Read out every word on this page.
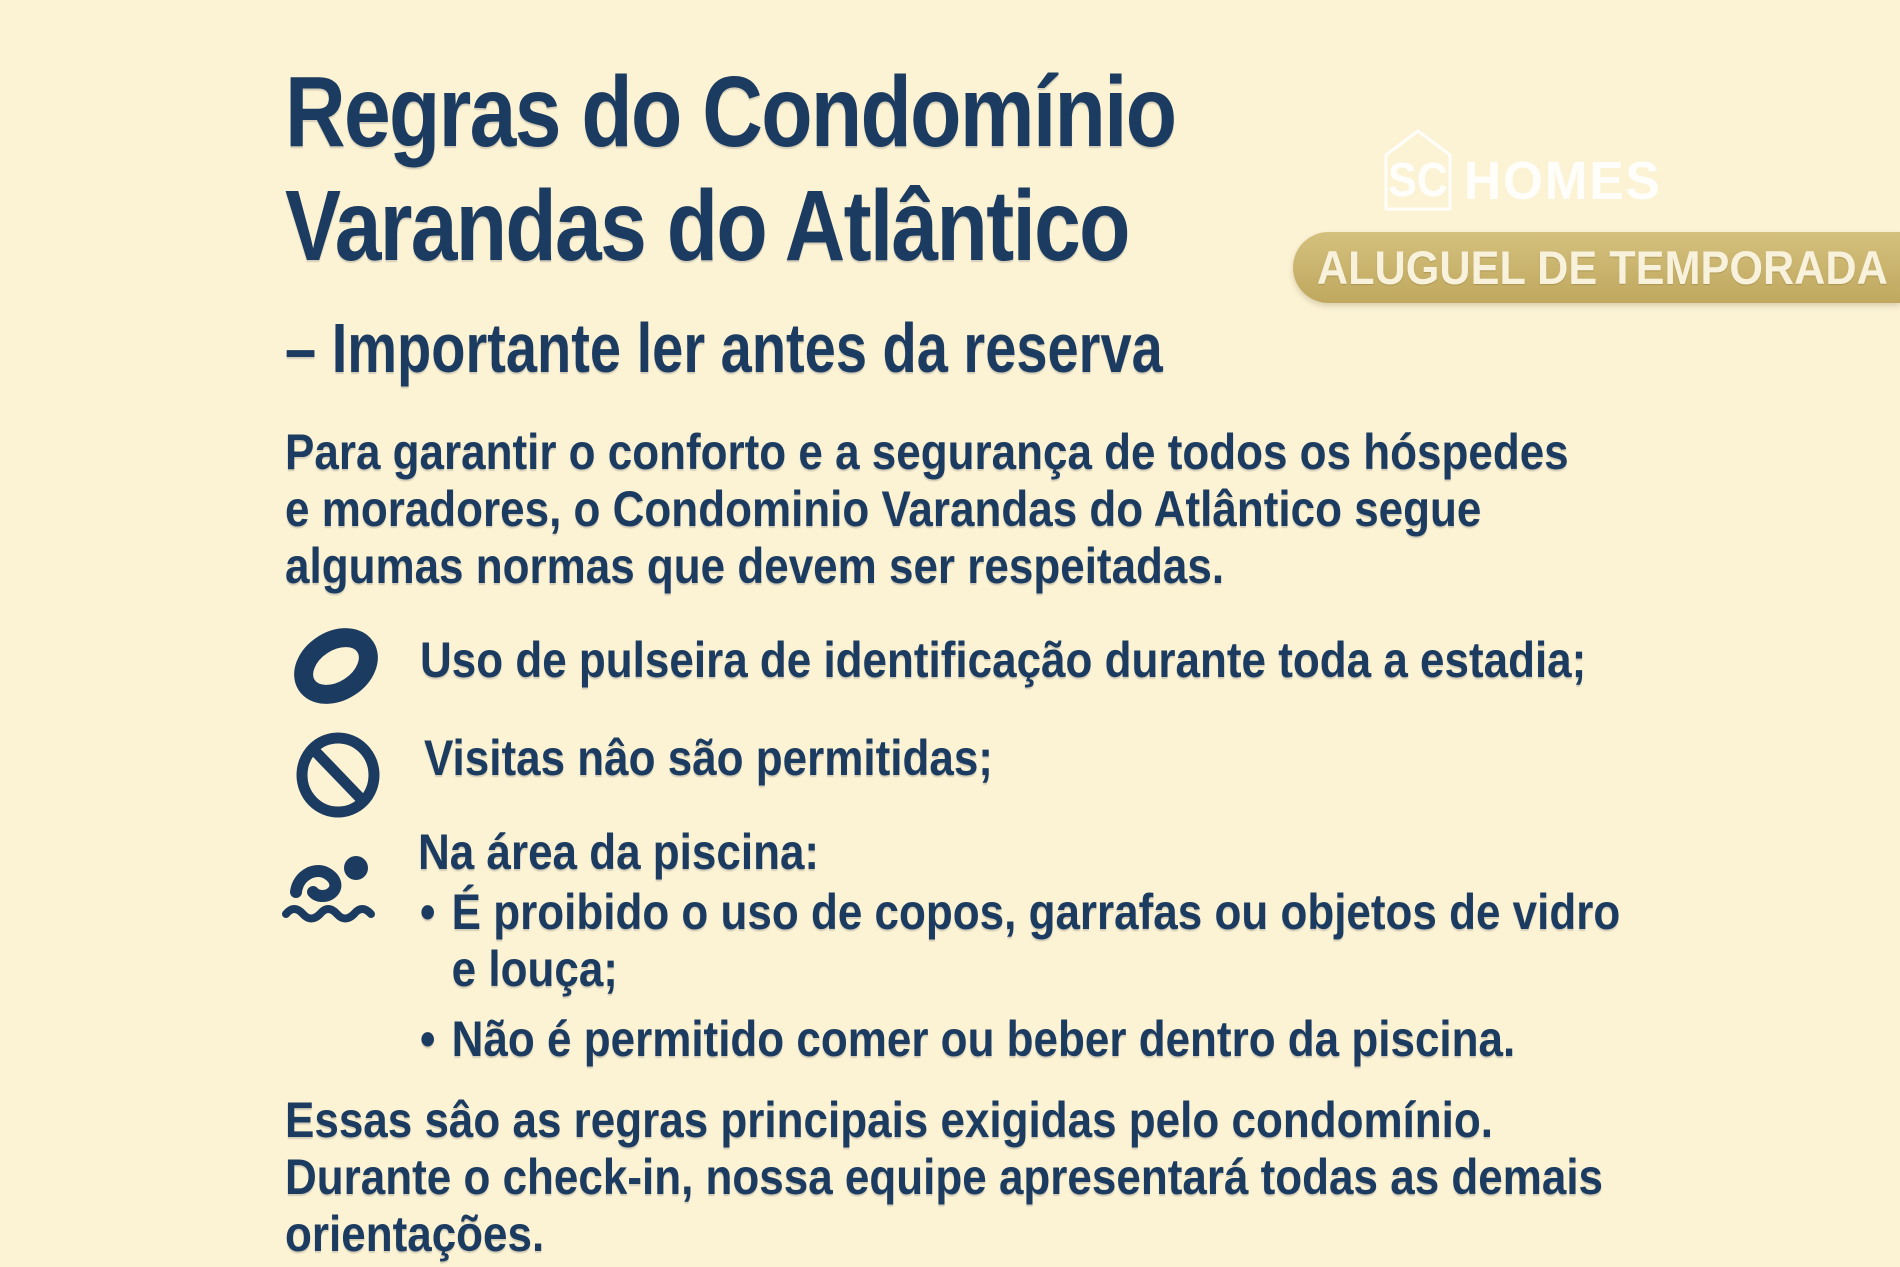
Regras do Condomínio
Varandas do Atlântico
– Importante ler antes da reserva
Para garantir o conforto e a segurança de todos os hóspedes
e moradores, o Condominio Varandas do Atlântico segue
algumas normas que devem ser respeitadas.
Uso de pulseira de identificação durante toda a estadia;
Visitas nâo são permitidas;
Na área da piscina:
• É proibido o uso de copos, garrafas ou objetos de vidro
e louça;
• Não é permitido comer ou beber dentro da piscina.
Essas sâo as regras principais exigidas pelo condomínio.
Durante o check-in, nossa equipe apresentará todas as demais
orientações.
SC HOMES
ALUGUEL DE TEMPORADA
